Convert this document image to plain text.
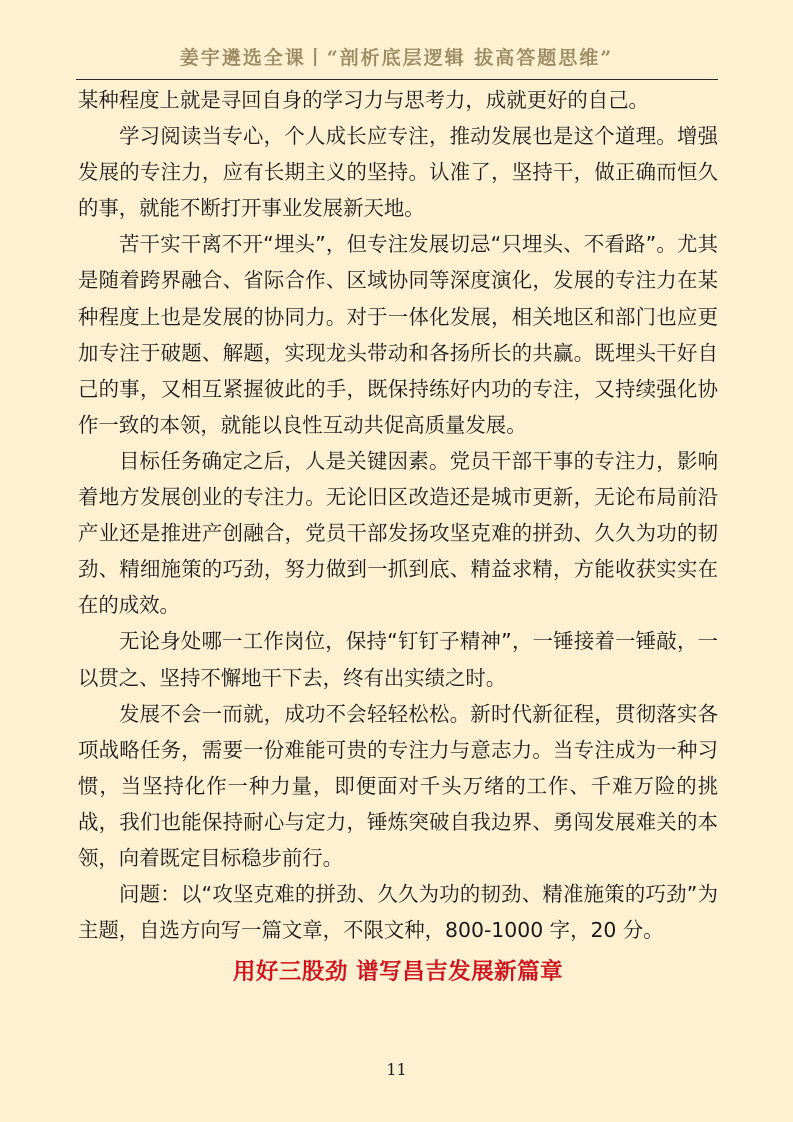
姜宇遴选全课丨“剖析底层逻辑 拔高答题思维”

某种程度上就是寻回自身的学习力与思考力，成就更好的自己。

学习阅读当专心，个人成长应专注，推动发展也是这个道理。增强发展的专注力，应有长期主义的坚持。认准了，坚持干，做正确而恒久的事，就能不断打开事业发展新天地。

苦干实干离不开“埋头”，但专注发展切忌“只埋头、不看路”。尤其是随着跨界融合、省际合作、区域协同等深度演化，发展的专注力在某种程度上也是发展的协同力。对于一体化发展，相关地区和部门也应更加专注于破题、解题，实现龙头带动和各扬所长的共赢。既埋头干好自己的事，又相互紧握彼此的手，既保持练好内功的专注，又持续强化协作一致的本领，就能以良性互动共促高质量发展。

目标任务确定之后，人是关键因素。党员干部干事的专注力，影响着地方发展创业的专注力。无论旧区改造还是城市更新，无论布局前沿产业还是推进产创融合，党员干部发扬攻坚克难的拼劲、久久为功的韧劲、精细施策的巧劲，努力做到一抓到底、精益求精，方能收获实实在在的成效。

无论身处哪一工作岗位，保持“钉钉子精神”，一锤接着一锤敲，一以贯之、坚持不懈地干下去，终有出实绩之时。

发展不会一而就，成功不会轻轻松松。新时代新征程，贯彻落实各项战略任务，需要一份难能可贵的专注力与意志力。当专注成为一种习惯，当坚持化作一种力量，即便面对千头万绪的工作、千难万险的挑战，我们也能保持耐心与定力，锤炼突破自我边界、勇闯发展难关的本领，向着既定目标稳步前行。

问题：以“攻坚克难的拼劲、久久为功的韧劲、精准施策的巧劲”为主题，自选方向写一篇文章，不限文种，800-1000 字，20 分。

用好三股劲 谱写昌吉发展新篇章
11
